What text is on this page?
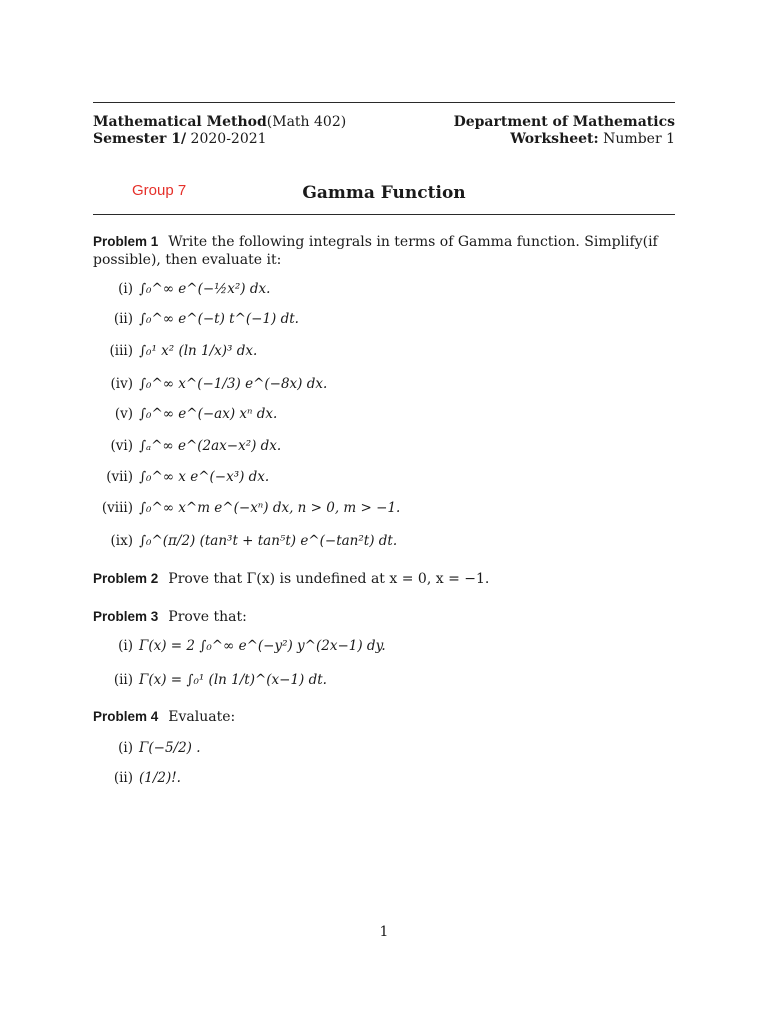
Mathematical Method(Math 402)
Semester 1/ 2020-2021
Department of Mathematics
Worksheet: Number 1
Group 7	Gamma Function
Problem 1 Write the following integrals in terms of Gamma function. Simplify(if possible), then evaluate it:
(i) ∫₀^∞ e^(−½x²) dx.
(ii) ∫₀^∞ e^(−t) t^(−1) dt.
(iii) ∫₀¹ x² (ln 1/x)³ dx.
(iv) ∫₀^∞ x^(−1/3) e^(−8x) dx.
(v) ∫₀^∞ e^(−ax) xⁿ dx.
(vi) ∫ₐ^∞ e^(2ax−x²) dx.
(vii) ∫₀^∞ x e^(−x³) dx.
(viii) ∫₀^∞ x^m e^(−xⁿ) dx, n > 0, m > −1.
(ix) ∫₀^(π/2) (tan³t + tan⁵t) e^(−tan²t) dt.
Problem 2 Prove that Γ(x) is undefined at x = 0, x = −1.
Problem 3 Prove that:
(i) Γ(x) = 2 ∫₀^∞ e^(−y²) y^(2x−1) dy.
(ii) Γ(x) = ∫₀¹ (ln 1/t)^(x−1) dt.
Problem 4 Evaluate:
(i) Γ(−5/2) .
(ii) (1/2)!.
1
